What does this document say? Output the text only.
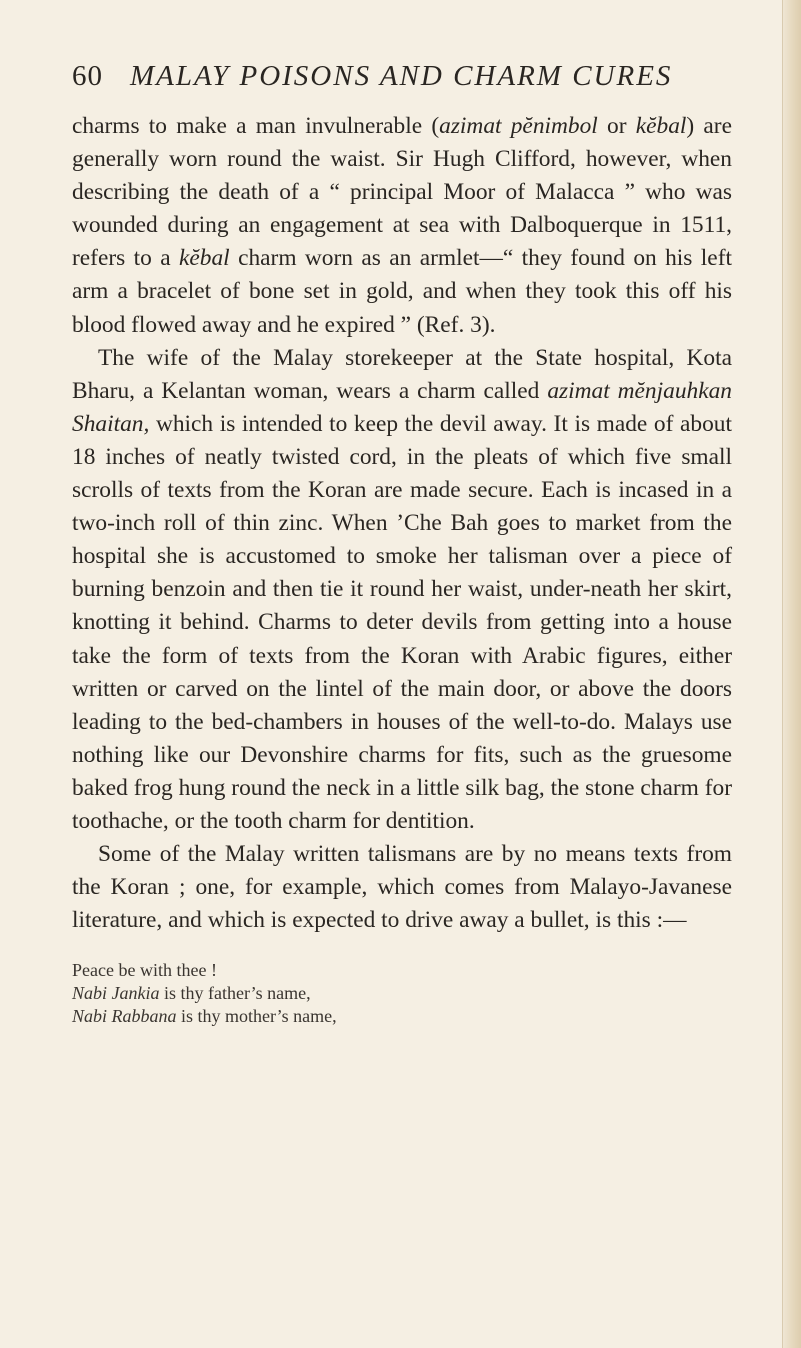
60 MALAY POISONS AND CHARM CURES

charms to make a man invulnerable (azimat pĕnimbol or kĕbal) are generally worn round the waist. Sir Hugh Clifford, however, when describing the death of a “ principal Moor of Malacca ” who was wounded during an engagement at sea with Dalboquerque in 1511, refers to a kĕbal charm worn as an armlet—“ they found on his left arm a bracelet of bone set in gold, and when they took this off his blood flowed away and he expired ” (Ref. 3).

The wife of the Malay storekeeper at the State hospital, Kota Bharu, a Kelantan woman, wears a charm called azimat mĕnjauhkan Shaitan, which is intended to keep the devil away. It is made of about 18 inches of neatly twisted cord, in the pleats of which five small scrolls of texts from the Koran are made secure. Each is incased in a two-inch roll of thin zinc. When ’Che Bah goes to market from the hospital she is accustomed to smoke her talisman over a piece of burning benzoin and then tie it round her waist, under-neath her skirt, knotting it behind. Charms to deter devils from getting into a house take the form of texts from the Koran with Arabic figures, either written or carved on the lintel of the main door, or above the doors leading to the bed-chambers in houses of the well-to-do. Malays use nothing like our Devonshire charms for fits, such as the gruesome baked frog hung round the neck in a little silk bag, the stone charm for toothache, or the tooth charm for dentition.

Some of the Malay written talismans are by no means texts from the Koran ; one, for example, which comes from Malayo-Javanese literature, and which is expected to drive away a bullet, is this :—

Peace be with thee !
Nabi Jankia is thy father’s name,
Nabi Rabbana is thy mother’s name,
